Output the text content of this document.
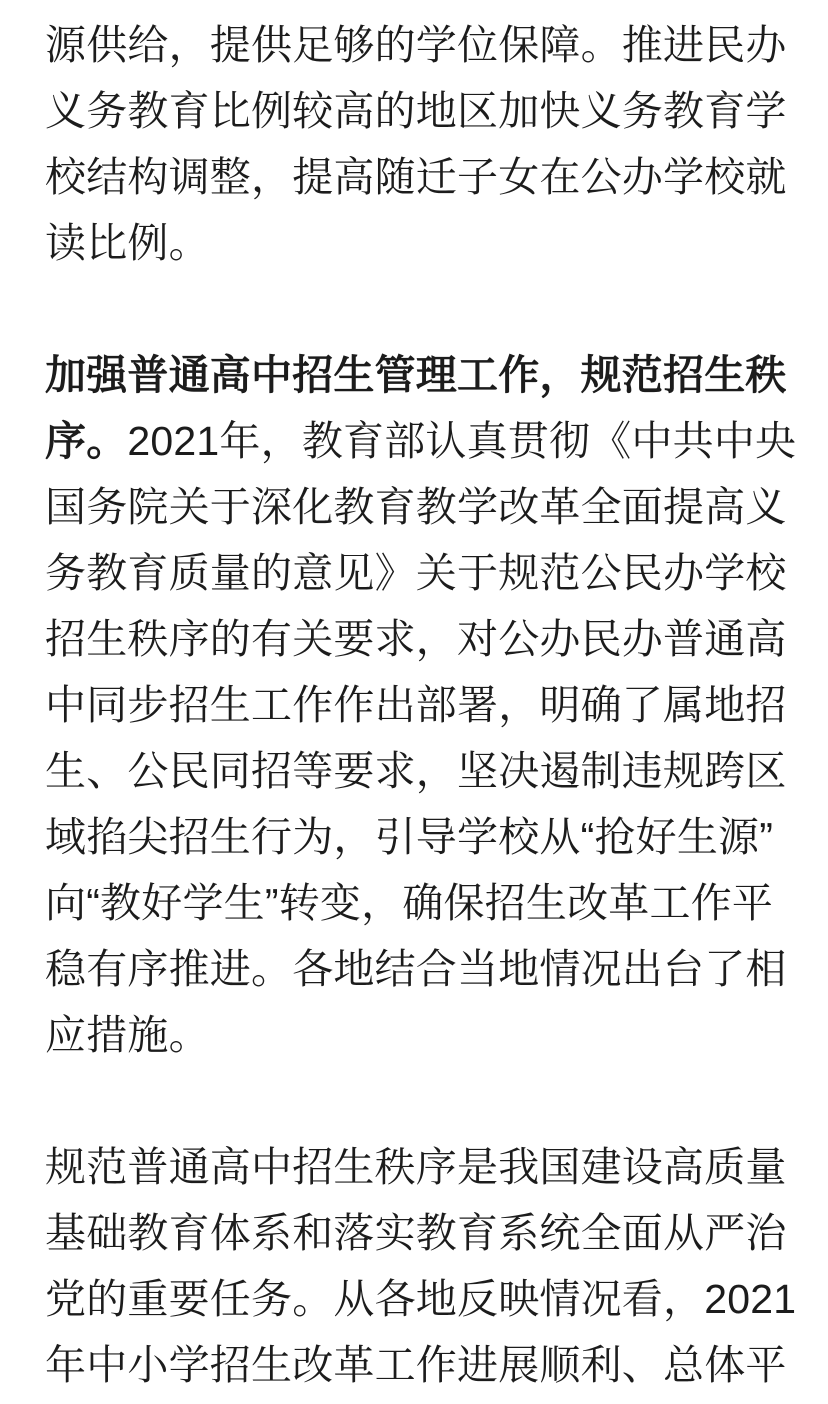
源供给，提供足够的学位保障。推进民办
义务教育比例较高的地区加快义务教育学
校结构调整，提高随迁子女在公办学校就
读比例。
加强普通高中招生管理工作，规范招生秩
序。2021年，教育部认真贯彻《中共中央
国务院关于深化教育教学改革全面提高义
务教育质量的意见》关于规范公民办学校
招生秩序的有关要求，对公办民办普通高
中同步招生工作作出部署，明确了属地招
生、公民同招等要求，坚决遏制违规跨区
域掐尖招生行为，引导学校从“抢好生源”
向“教好学生”转变，确保招生改革工作平
稳有序推进。各地结合当地情况出台了相
应措施。
规范普通高中招生秩序是我国建设高质量
基础教育体系和落实教育系统全面从严治
党的重要任务。从各地反映情况看，2021
年中小学招生改革工作进展顺利、总体平
